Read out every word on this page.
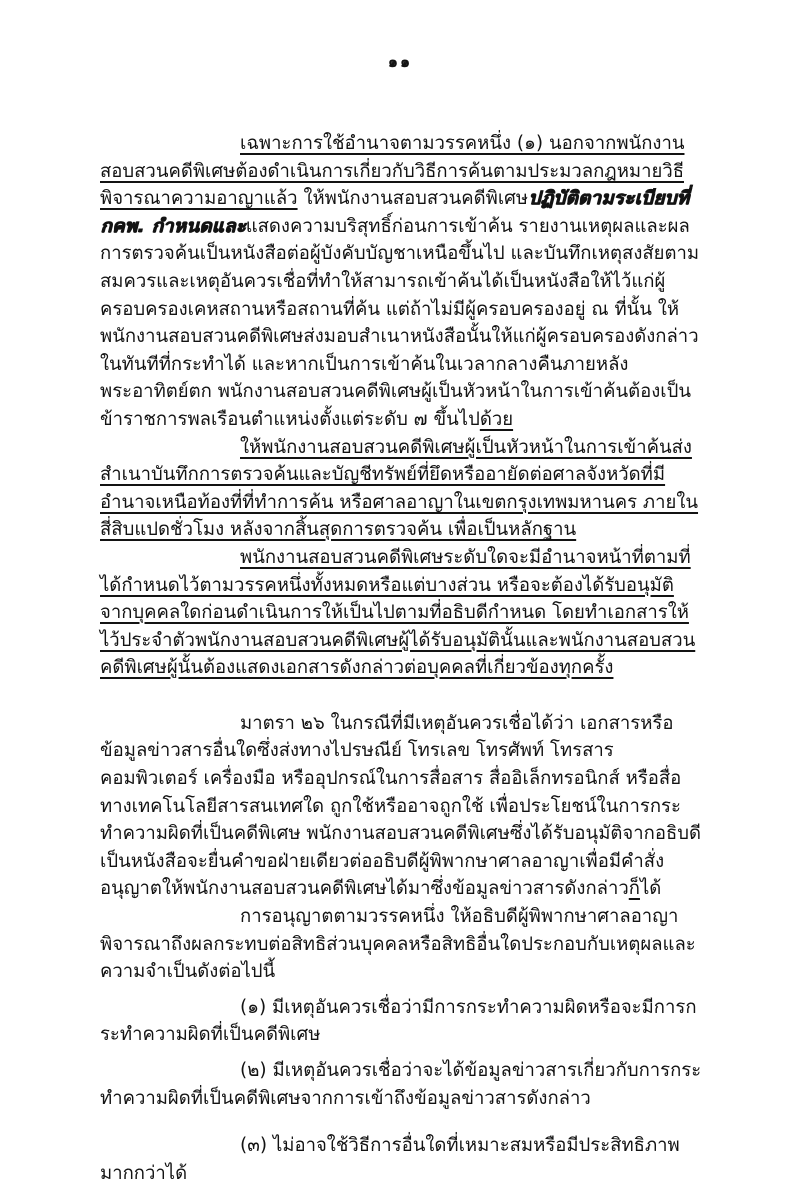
๑๑

เฉพาะการใช้อำนาจตามวรรคหนึ่ง (๑) นอกจากพนักงานสอบสวนคดีพิเศษต้องดำเนินการเกี่ยวกับวิธีการค้นตามประมวลกฎหมายวิธีพิจารณาความอาญาแล้ว ให้พนักงานสอบสวนคดีพิเศษปฏิบัติตามระเบียบที่ กคพ. กำหนดและแสดงความบริสุทธิ์ก่อนการเข้าค้น รายงานเหตุผลและผลการตรวจค้นเป็นหนังสือต่อผู้บังคับบัญชาเหนือขึ้นไป และบันทึกเหตุสงสัยตามสมควรและเหตุอันควรเชื่อที่ทำให้สามารถเข้าค้นได้เป็นหนังสือให้ไว้แก่ผู้ครอบครองเคหสถานหรือสถานที่ค้น แต่ถ้าไม่มีผู้ครอบครองอยู่ ณ ที่นั้น ให้พนักงานสอบสวนคดีพิเศษส่งมอบสำเนาหนังสือนั้นให้แก่ผู้ครอบครองดังกล่าวในทันทีที่กระทำได้ และหากเป็นการเข้าค้นในเวลากลางคืนภายหลังพระอาทิตย์ตก พนักงานสอบสวนคดีพิเศษผู้เป็นหัวหน้าในการเข้าค้นต้องเป็นข้าราชการพลเรือนตำแหน่งตั้งแต่ระดับ ๗ ขึ้นไปด้วย

ให้พนักงานสอบสวนคดีพิเศษผู้เป็นหัวหน้าในการเข้าค้นส่งสำเนาบันทึกการตรวจค้นและบัญชีทรัพย์ที่ยึดหรืออายัดต่อศาลจังหวัดที่มีอำนาจเหนือท้องที่ที่ทำการค้น หรือศาลอาญาในเขตกรุงเทพมหานคร ภายในสี่สิบแปดชั่วโมง หลังจากสิ้นสุดการตรวจค้น เพื่อเป็นหลักฐาน

พนักงานสอบสวนคดีพิเศษระดับใดจะมีอำนาจหน้าที่ตามที่ได้กำหนดไว้ตามวรรคหนึ่งทั้งหมดหรือแต่บางส่วน หรือจะต้องได้รับอนุมัติจากบุคคลใดก่อนดำเนินการให้เป็นไปตามที่อธิบดีกำหนด โดยทำเอกสารให้ไว้ประจำตัวพนักงานสอบสวนคดีพิเศษผู้ได้รับอนุมัตินั้นและพนักงานสอบสวนคดีพิเศษผู้นั้นต้องแสดงเอกสารดังกล่าวต่อบุคคลที่เกี่ยวข้องทุกครั้ง

มาตรา ๒๖ ในกรณีที่มีเหตุอันควรเชื่อได้ว่า เอกสารหรือข้อมูลข่าวสารอื่นใดซึ่งส่งทางไปรษณีย์ โทรเลข โทรศัพท์ โทรสาร คอมพิวเตอร์ เครื่องมือ หรืออุปกรณ์ในการสื่อสาร สื่ออิเล็กทรอนิกส์ หรือสื่อทางเทคโนโลยีสารสนเทศใด ถูกใช้หรืออาจถูกใช้ เพื่อประโยชน์ในการกระทำความผิดที่เป็นคดีพิเศษ พนักงานสอบสวนคดีพิเศษซึ่งได้รับอนุมัติจากอธิบดีเป็นหนังสือจะยื่นคำขอฝ่ายเดียวต่ออธิบดีผู้พิพากษาศาลอาญาเพื่อมีคำสั่งอนุญาตให้พนักงานสอบสวนคดีพิเศษได้มาซึ่งข้อมูลข่าวสารดังกล่าวก็ได้

การอนุญาตตามวรรคหนึ่ง ให้อธิบดีผู้พิพากษาศาลอาญาพิจารณาถึงผลกระทบต่อสิทธิส่วนบุคคลหรือสิทธิอื่นใดประกอบกับเหตุผลและความจำเป็นดังต่อไปนี้

(๑) มีเหตุอันควรเชื่อว่ามีการกระทำความผิดหรือจะมีการกระทำความผิดที่เป็นคดีพิเศษ

(๒) มีเหตุอันควรเชื่อว่าจะได้ข้อมูลข่าวสารเกี่ยวกับการกระทำความผิดที่เป็นคดีพิเศษจากการเข้าถึงข้อมูลข่าวสารดังกล่าว

(๓) ไม่อาจใช้วิธีการอื่นใดที่เหมาะสมหรือมีประสิทธิภาพมากกว่าได้
